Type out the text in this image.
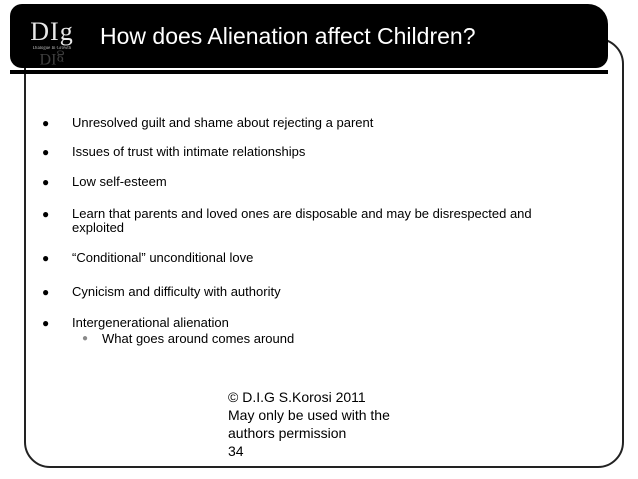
DIg
Dialogue In Growth
DIg
How does Alienation affect Children?
●	Unresolved guilt and shame about rejecting a parent
●	Issues of trust with intimate relationships
●	Low self-esteem
●	Learn that parents and loved ones are disposable and may be disrespected and exploited
●	“Conditional” unconditional love
●	Cynicism and difficulty with authority
●	Intergenerational alienation
●	What goes around comes around
© D.I.G S.Korosi 2011
May only be used with the
authors permission
34
